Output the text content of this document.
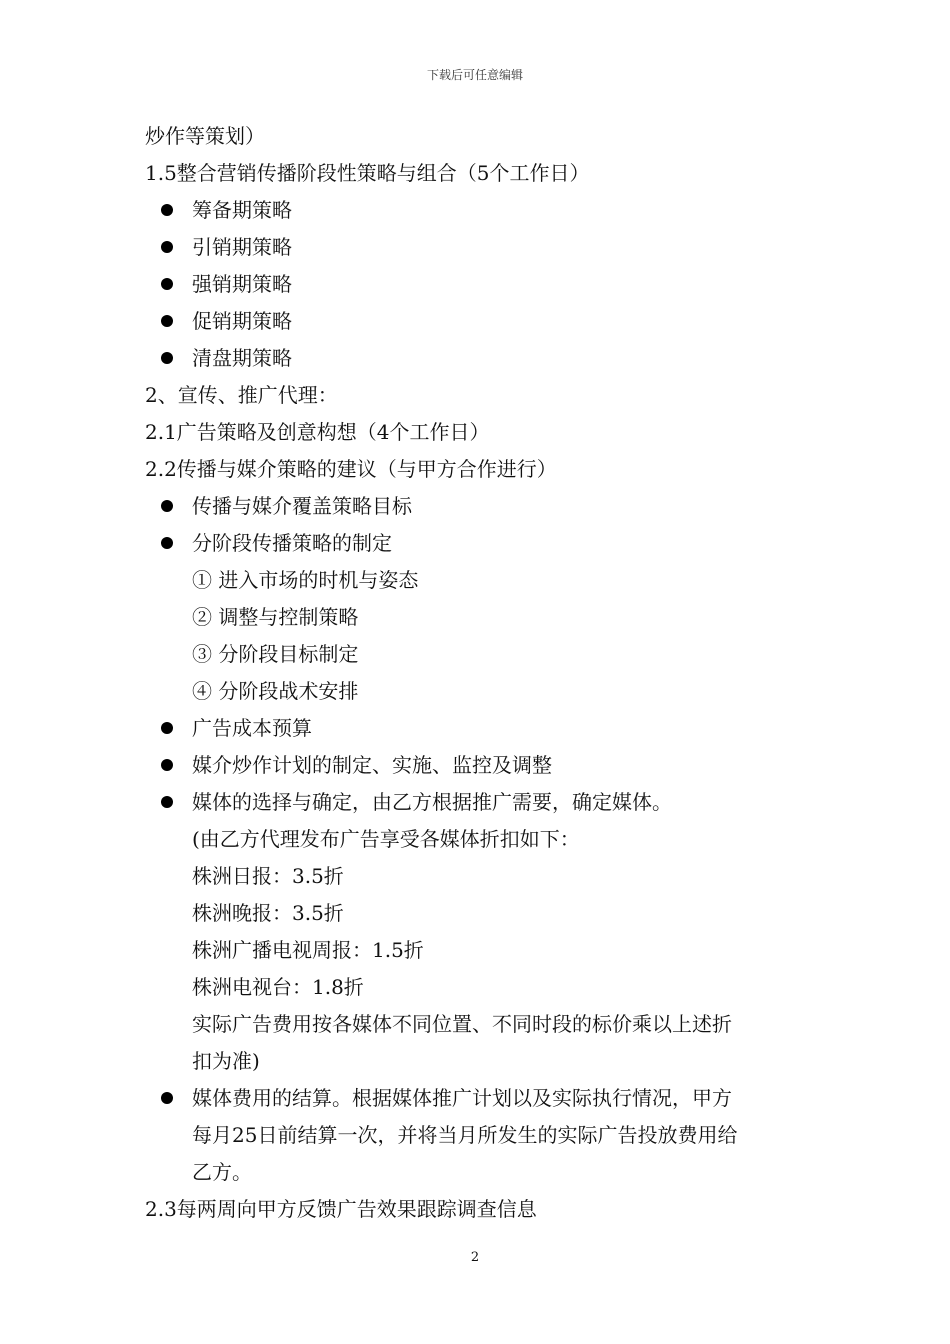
下载后可任意编辑
炒作等策划）
1.5整合营销传播阶段性策略与组合（5个工作日）
筹备期策略
引销期策略
强销期策略
促销期策略
清盘期策略
2、宣传、推广代理：
2.1广告策略及创意构想（4个工作日）
2.2传播与媒介策略的建议（与甲方合作进行）
传播与媒介覆盖策略目标
分阶段传播策略的制定
① 进入市场的时机与姿态
② 调整与控制策略
③ 分阶段目标制定
④ 分阶段战术安排
广告成本预算
媒介炒作计划的制定、实施、监控及调整
媒体的选择与确定，由乙方根据推广需要，确定媒体。
(由乙方代理发布广告享受各媒体折扣如下：
株洲日报：3.5折
株洲晚报：3.5折
株洲广播电视周报：1.5折
株洲电视台：1.8折
实际广告费用按各媒体不同位置、不同时段的标价乘以上述折
扣为准)
媒体费用的结算。根据媒体推广计划以及实际执行情况，甲方
每月25日前结算一次，并将当月所发生的实际广告投放费用给
乙方。
2.3每两周向甲方反馈广告效果跟踪调查信息
2
